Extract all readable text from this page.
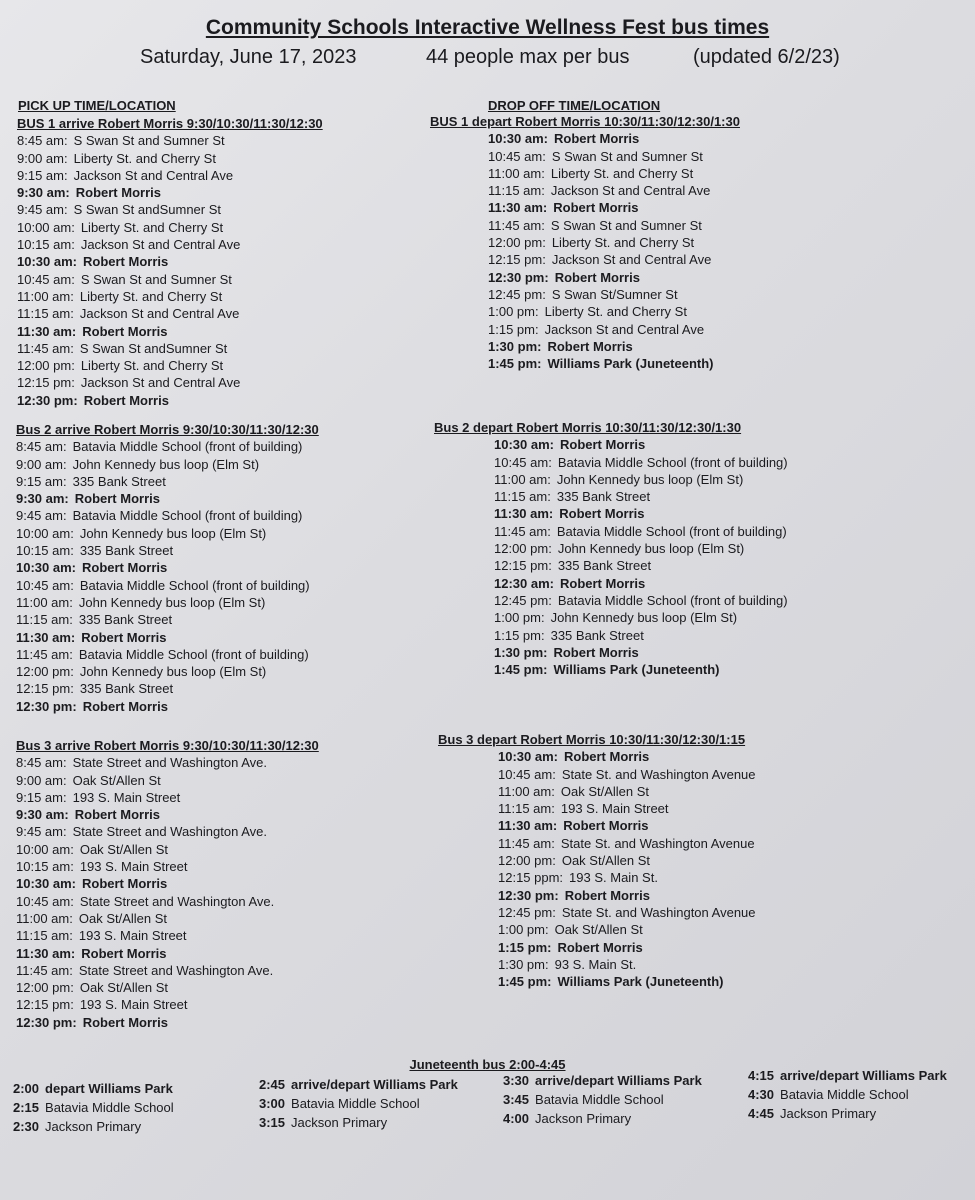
Community Schools Interactive Wellness Fest bus times
Saturday, June 17, 2023	44 people max per bus	(updated 6/2/23)
PICK UP TIME/LOCATION	DROP OFF TIME/LOCATION
BUS 1 arrive Robert Morris 9:30/10:30/11:30/12:30
8:45 am: S Swan St and Sumner St
9:00 am: Liberty St. and Cherry St
9:15 am: Jackson St and Central Ave
9:30 am: Robert Morris
9:45 am: S Swan St andSumner St
10:00 am: Liberty St. and Cherry St
10:15 am: Jackson St and Central Ave
10:30 am: Robert Morris
10:45 am: S Swan St and Sumner St
11:00 am: Liberty St. and Cherry St
11:15 am: Jackson St and Central Ave
11:30 am: Robert Morris
11:45 am: S Swan St andSumner St
12:00 pm: Liberty St. and Cherry St
12:15 pm: Jackson St and Central Ave
12:30 pm: Robert Morris
Bus 2 arrive Robert Morris 9:30/10:30/11:30/12:30
8:45 am: Batavia Middle School (front of building)
9:00 am: John Kennedy bus loop (Elm St)
9:15 am: 335 Bank Street
9:30 am: Robert Morris
9:45 am: Batavia Middle School (front of building)
10:00 am: John Kennedy bus loop (Elm St)
10:15 am: 335 Bank Street
10:30 am: Robert Morris
10:45 am: Batavia Middle School (front of building)
11:00 am: John Kennedy bus loop (Elm St)
11:15 am: 335 Bank Street
11:30 am: Robert Morris
11:45 am: Batavia Middle School (front of building)
12:00 pm: John Kennedy bus loop (Elm St)
12:15 pm: 335 Bank Street
12:30 pm: Robert Morris
Bus 3 arrive Robert Morris 9:30/10:30/11:30/12:30
8:45 am: State Street and Washington Ave.
9:00 am: Oak St/Allen St
9:15 am: 193 S. Main Street
9:30 am: Robert Morris
9:45 am: State Street and Washington Ave.
10:00 am: Oak St/Allen St
10:15 am: 193 S. Main Street
10:30 am: Robert Morris
10:45 am: State Street and Washington Ave.
11:00 am: Oak St/Allen St
11:15 am: 193 S. Main Street
11:30 am: Robert Morris
11:45 am: State Street and Washington Ave.
12:00 pm: Oak St/Allen St
12:15 pm: 193 S. Main Street
12:30 pm: Robert Morris
BUS 1 depart Robert Morris 10:30/11:30/12:30/1:30
10:30 am: Robert Morris
10:45 am: S Swan St and Sumner St
11:00 am: Liberty St. and Cherry St
11:15 am: Jackson St and Central Ave
11:30 am: Robert Morris
11:45 am: S Swan St and Sumner St
12:00 pm: Liberty St. and Cherry St
12:15 pm: Jackson St and Central Ave
12:30 pm: Robert Morris
12:45 pm: S Swan St/Sumner St
1:00 pm: Liberty St. and Cherry St
1:15 pm: Jackson St and Central Ave
1:30 pm: Robert Morris
1:45 pm: Williams Park (Juneteenth)
Bus 2 depart Robert Morris 10:30/11:30/12:30/1:30
10:30 am: Robert Morris
10:45 am: Batavia Middle School (front of building)
11:00 am: John Kennedy bus loop (Elm St)
11:15 am: 335 Bank Street
11:30 am: Robert Morris
11:45 am: Batavia Middle School (front of building)
12:00 pm: John Kennedy bus loop (Elm St)
12:15 pm: 335 Bank Street
12:30 am: Robert Morris
12:45 pm: Batavia Middle School (front of building)
1:00 pm: John Kennedy bus loop (Elm St)
1:15 pm: 335 Bank Street
1:30 pm: Robert Morris
1:45 pm: Williams Park (Juneteenth)
Bus 3 depart Robert Morris 10:30/11:30/12:30/1:15
10:30 am: Robert Morris
10:45 am: State St. and Washington Avenue
11:00 am: Oak St/Allen St
11:15 am: 193 S. Main Street
11:30 am: Robert Morris
11:45 am: State St. and Washington Avenue
12:00 pm: Oak St/Allen St
12:15 ppm: 193 S. Main St.
12:30 pm: Robert Morris
12:45 pm: State St. and Washington Avenue
1:00 pm: Oak St/Allen St
1:15 pm: Robert Morris
1:30 pm: 93 S. Main St.
1:45 pm: Williams Park (Juneteenth)
Juneteenth bus 2:00-4:45
2:00 depart Williams Park
2:15 Batavia Middle School
2:30 Jackson Primary
2:45 arrive/depart Williams Park
3:00 Batavia Middle School
3:15 Jackson Primary
3:30 arrive/depart Williams Park
3:45 Batavia Middle School
4:00 Jackson Primary
4:15 arrive/depart Williams Park
4:30 Batavia Middle School
4:45 Jackson Primary
